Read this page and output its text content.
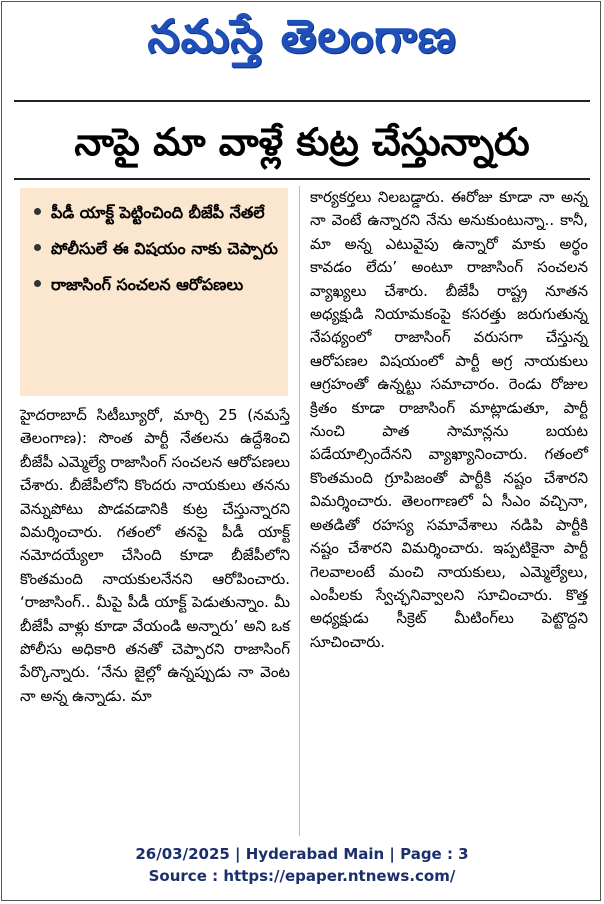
నమస్తే తెలంగాణ
నాపై మా వాళ్లే కుట్ర చేస్తున్నారు
పీడీ యాక్ట్ పెట్టించింది బీజేపీ నేతలే
పోలీసులే ఈ విషయం నాకు చెప్పారు
రాజాసింగ్ సంచలన ఆరోపణలు

హైదరాబాద్ సిటీబ్యూరో, మార్చి 25 (నమస్తే తెలంగాణ): సొంత పార్టీ నేతలను ఉద్దేశించి బీజేపీ ఎమ్మెల్యే రాజాసింగ్ సంచలన ఆరోపణలు చేశారు. బీజేపీలోని కొందరు నాయకులు తనను వెన్నుపోటు పొడవడానికి కుట్ర చేస్తున్నారని విమర్శించారు. గతంలో తనపై పీడీ యాక్ట్ నమోదయ్యేలా చేసింది కూడా బీజేపీలోని కొంతమంది నాయకులనేనని ఆరోపించారు. ‘రాజాసింగ్.. మీపై పీడీ యాక్ట్ పెడుతున్నాం. మీ బీజేపీ వాళ్లు కూడా వేయండి అన్నారు’ అని ఒక పోలీసు అధికారి తనతో చెప్పారని రాజాసింగ్ పేర్కొన్నారు. ‘నేను జైల్లో ఉన్నప్పుడు నా వెంట నా అన్న ఉన్నాడు. మా

కార్యకర్తలు నిలబడ్డారు. ఈరోజు కూడా నా అన్న నా వెంటే ఉన్నారని నేను అనుకుంటున్నా.. కానీ, మా అన్న ఎటువైపు ఉన్నారో మాకు అర్థం కావడం లేదు’ అంటూ రాజాసింగ్ సంచలన వ్యాఖ్యలు చేశారు. బీజేపీ రాష్ట్ర నూతన అధ్యక్షుడి నియామకంపై కసరత్తు జరుగుతున్న నేపథ్యంలో రాజాసింగ్ వరుసగా చేస్తున్న ఆరోపణల విషయంలో పార్టీ అగ్ర నాయకులు ఆగ్రహంతో ఉన్నట్టు సమాచారం. రెండు రోజుల క్రితం కూడా రాజాసింగ్ మాట్లాడుతూ, పార్టీ నుంచి పాత సామాన్లను బయట పడేయాల్సిందేనని వ్యాఖ్యానించారు. గతంలో కొంతమంది గ్రూపిజంతో పార్టీకి నష్టం చేశారని విమర్శించారు. తెలంగాణలో ఏ సీఎం వచ్చినా, అతడితో రహస్య సమావేశాలు నడిపి పార్టీకి నష్టం చేశారని విమర్శించారు. ఇప్పటికైనా పార్టీ గెలవాలంటే మంచి నాయకులు, ఎమ్మెల్యేలు, ఎంపీలకు స్వేచ్ఛనివ్వాలని సూచించారు. కొత్త అధ్యక్షుడు సీక్రెట్ మీటింగ్‌లు పెట్టొద్దని సూచించారు.

26/03/2025 | Hyderabad Main | Page : 3
Source : https://epaper.ntnews.com/
